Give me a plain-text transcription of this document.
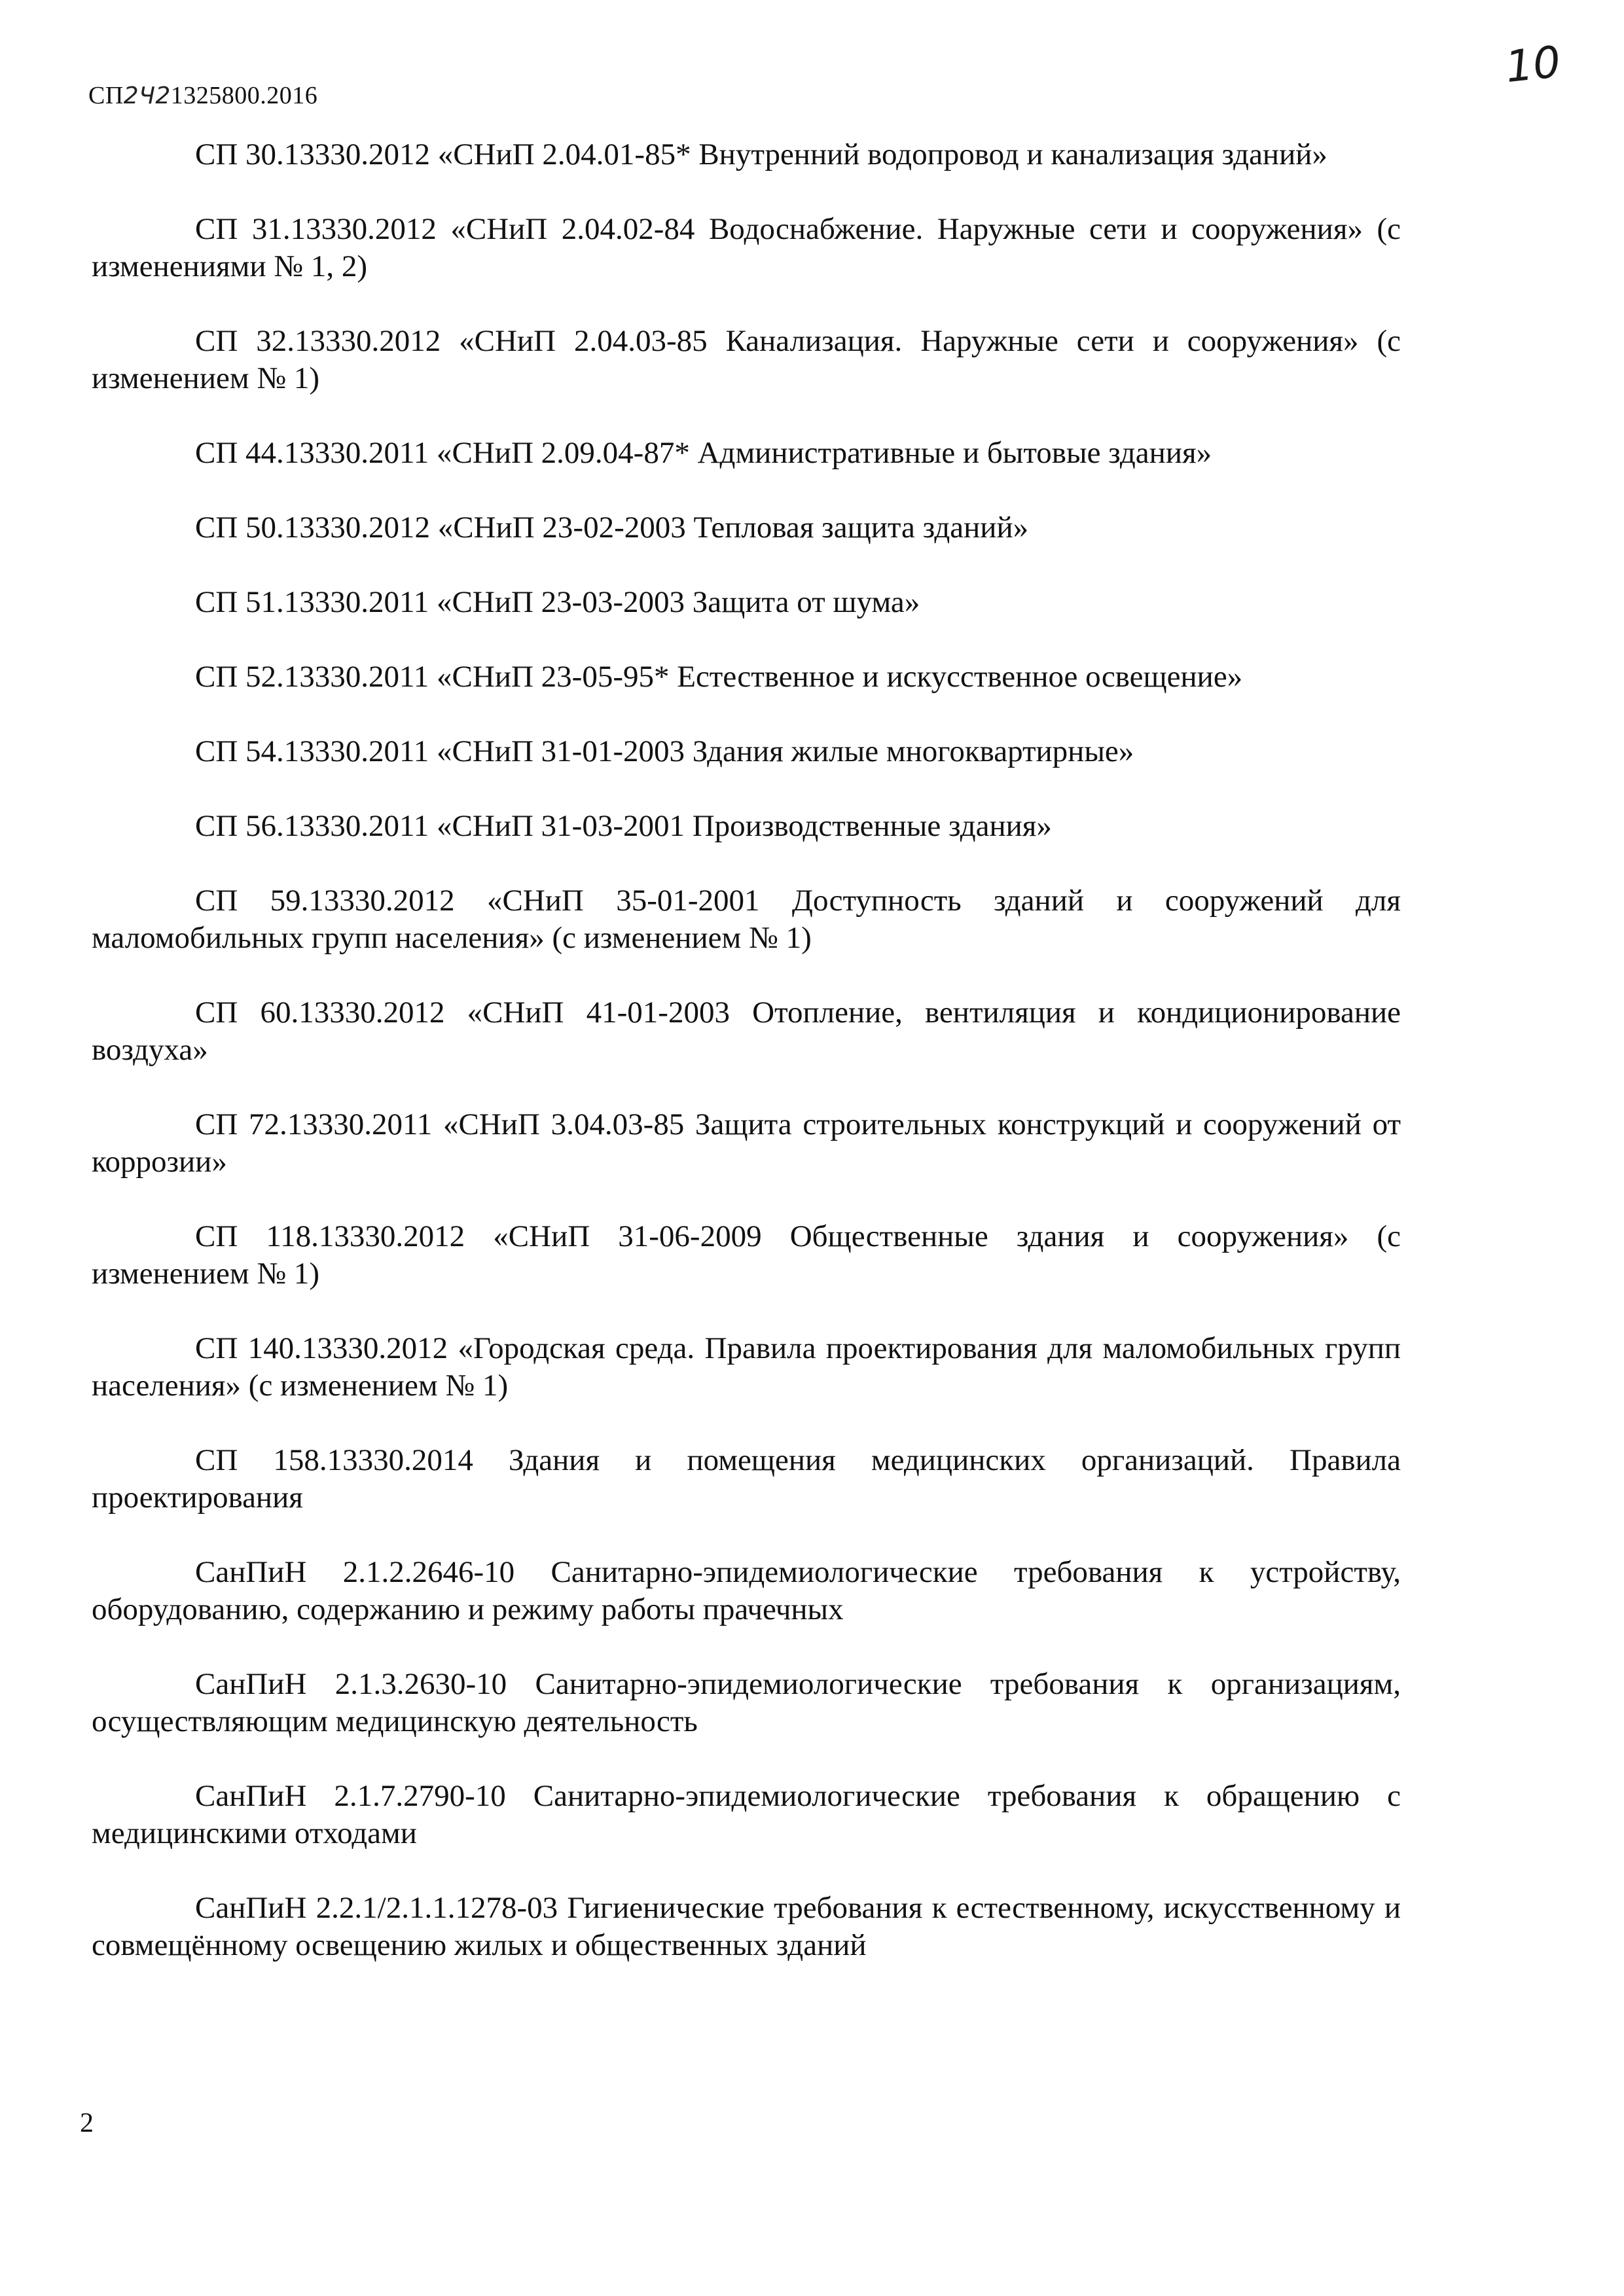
СП2Ч21325800.2016
10
СП 30.13330.2012 «СНиП 2.04.01-85* Внутренний водопровод и канализация зданий»
СП 31.13330.2012 «СНиП 2.04.02-84 Водоснабжение. Наружные сети и сооружения» (с изменениями № 1, 2)
СП 32.13330.2012 «СНиП 2.04.03-85 Канализация. Наружные сети и сооружения» (с изменением № 1)
СП 44.13330.2011 «СНиП 2.09.04-87* Административные и бытовые здания»
СП 50.13330.2012 «СНиП 23-02-2003 Тепловая защита зданий»
СП 51.13330.2011 «СНиП 23-03-2003 Защита от шума»
СП 52.13330.2011 «СНиП 23-05-95* Естественное и искусственное освещение»
СП 54.13330.2011 «СНиП 31-01-2003 Здания жилые многоквартирные»
СП 56.13330.2011 «СНиП 31-03-2001 Производственные здания»
СП 59.13330.2012 «СНиП 35-01-2001 Доступность зданий и сооружений для маломобильных групп населения» (с изменением № 1)
СП 60.13330.2012 «СНиП 41-01-2003 Отопление, вентиляция и кондиционирование воздуха»
СП 72.13330.2011 «СНиП 3.04.03-85 Защита строительных конструкций и сооружений от коррозии»
СП 118.13330.2012 «СНиП 31-06-2009 Общественные здания и сооружения» (с изменением № 1)
СП 140.13330.2012 «Городская среда. Правила проектирования для маломобильных групп населения» (с изменением № 1)
СП 158.13330.2014 Здания и помещения медицинских организаций. Правила проектирования
СанПиН 2.1.2.2646-10 Санитарно-эпидемиологические требования к устройству, оборудованию, содержанию и режиму работы прачечных
СанПиН 2.1.3.2630-10 Санитарно-эпидемиологические требования к организациям, осуществляющим медицинскую деятельность
СанПиН 2.1.7.2790-10 Санитарно-эпидемиологические требования к обращению с медицинскими отходами
СанПиН 2.2.1/2.1.1.1278-03 Гигиенические требования к естественному, искусственному и совмещённому освещению жилых и общественных зданий
2
